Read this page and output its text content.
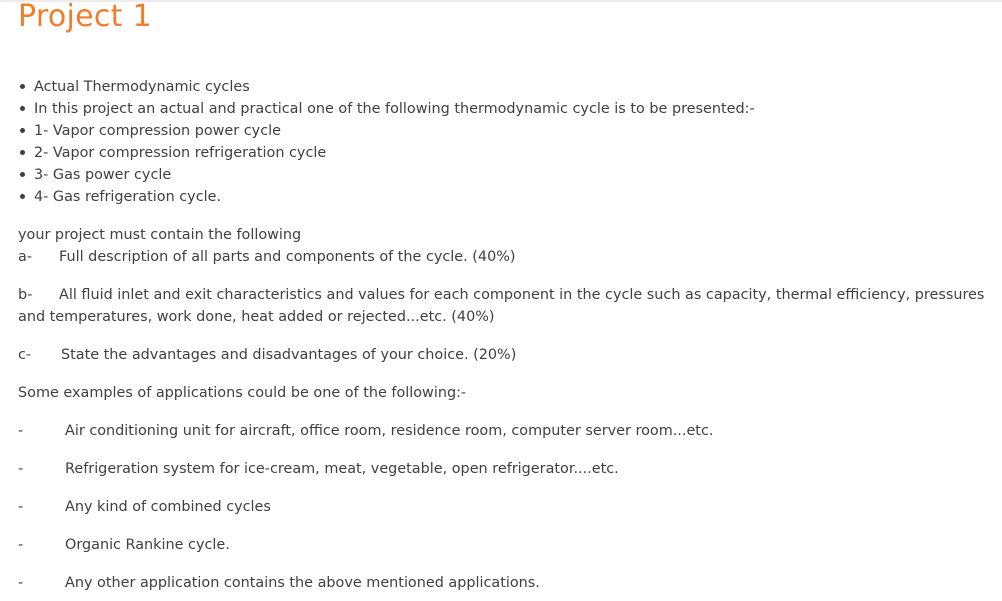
Project 1
Actual Thermodynamic cycles
In this project an actual and practical one of the following thermodynamic cycle is to be presented:-
1- Vapor compression power cycle
2- Vapor compression refrigeration cycle
3- Gas power cycle
4- Gas refrigeration cycle.
your project must contain the following
a- Full description of all parts and components of the cycle. (40%)
b- All fluid inlet and exit characteristics and values for each component in the cycle such as capacity, thermal efficiency, pressures
and temperatures, work done, heat added or rejected...etc. (40%)
c- State the advantages and disadvantages of your choice. (20%)
Some examples of applications could be one of the following:-
-	Air conditioning unit for aircraft, office room, residence room, computer server room...etc.
-	Refrigeration system for ice-cream, meat, vegetable, open refrigerator....etc.
-	Any kind of combined cycles
-	Organic Rankine cycle.
-	Any other application contains the above mentioned applications.
